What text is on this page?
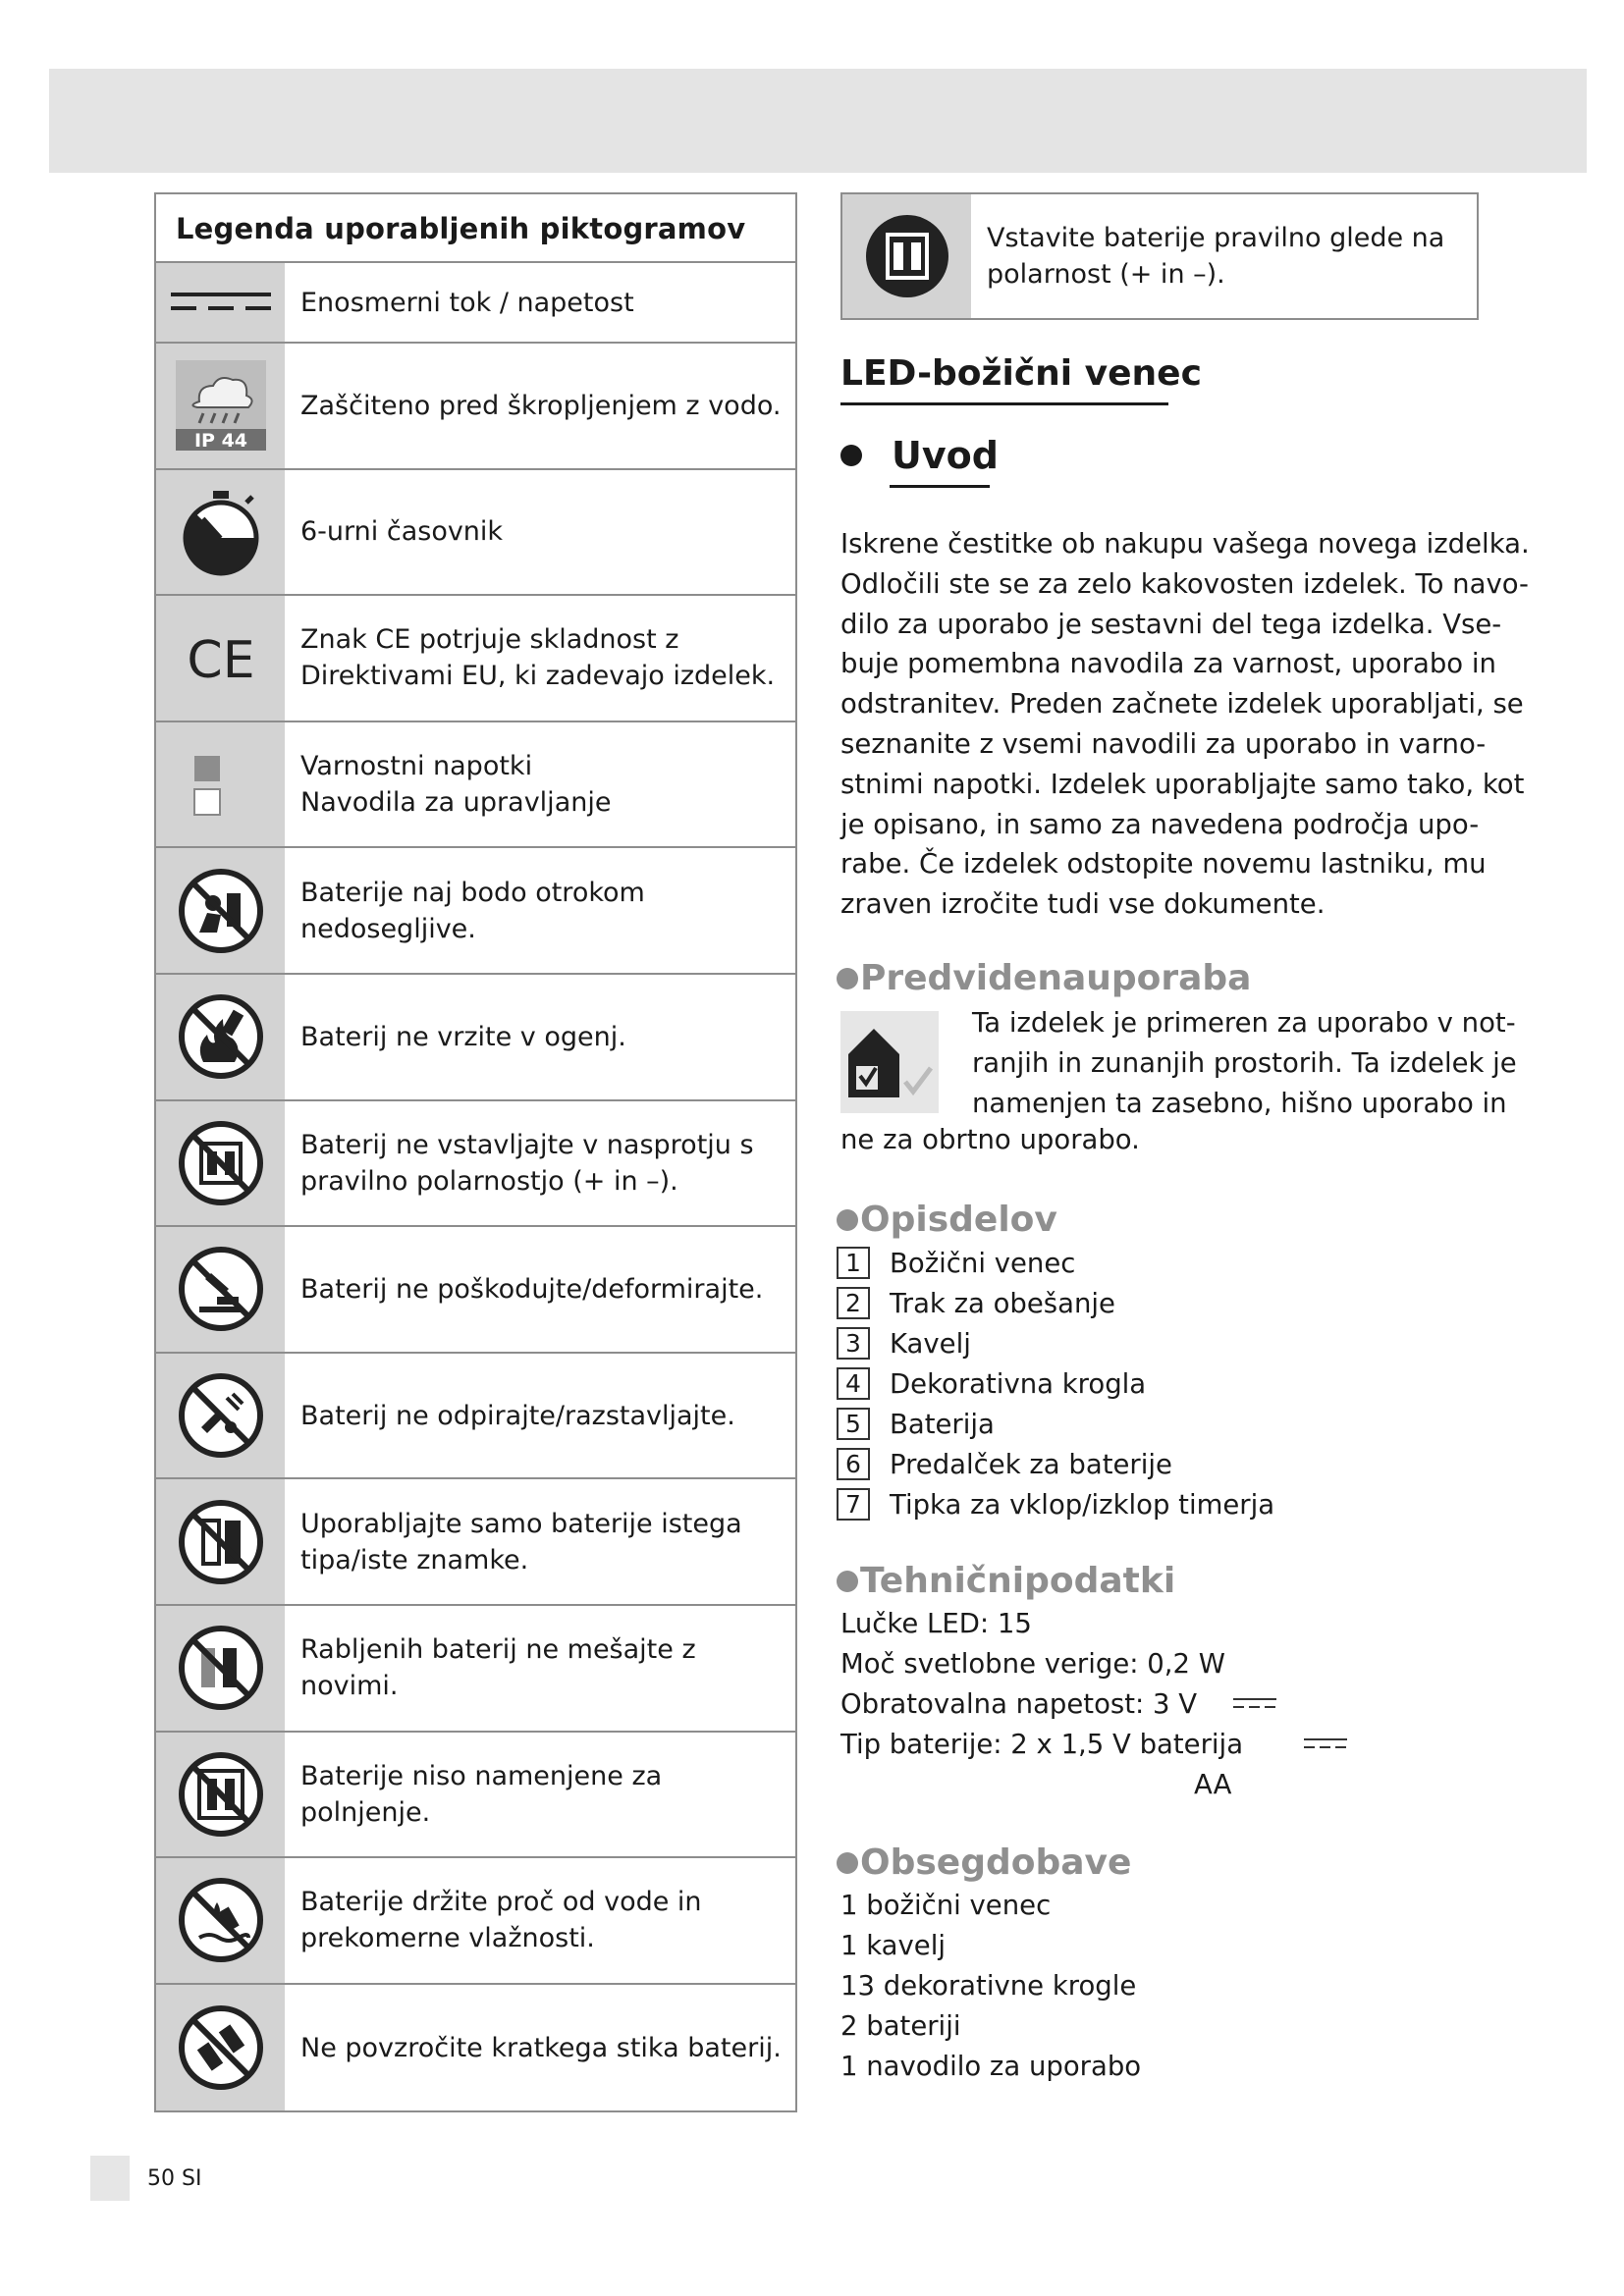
Legenda uporabljenih piktogramov
Enosmerni tok / napetost
IP 44
Zaščiteno pred škropljenjem z vodo.
6-urni časovnik
CE Znak CE potrjuje skladnost z
Direktivami EU, ki zadevajo izdelek.
Varnostni napotki
Navodila za upravljanje
Baterije naj bodo otrokom nedosegljive.
Baterij ne vrzite v ogenj.
Baterij ne vstavljajte v nasprotju s
pravilno polarnostjo (+ in –).
Baterij ne poškodujte/deformirajte.
Baterij ne odpirajte/razstavljajte.
Uporabljajte samo baterije istega
tipa/iste znamke.
Rabljenih baterij ne mešajte z novimi.
Baterije niso namenjene za polnjenje.
Baterije držite proč od vode in
prekomerne vlažnosti.
Ne povzročite kratkega stika baterij.
Vstavite baterije pravilno glede na
polarnost (+ in –).
LED-božični venec
Uvod
Iskrene čestitke ob nakupu vašega novega izdelka.
Odločili ste se za zelo kakovosten izdelek. To navo-
dilo za uporabo je sestavni del tega izdelka. Vse-
buje pomembna navodila za varnost, uporabo in
odstranitev. Preden začnete izdelek uporabljati, se
seznanite z vsemi navodili za uporabo in varno-
stnimi napotki. Izdelek uporabljajte samo tako, kot
je opisano, in samo za navedena področja upo-
rabe. Če izdelek odstopite novemu lastniku, mu
zraven izročite tudi vse dokumente.
Predvidenauporaba
Ta izdelek je primeren za uporabo v not-
ranjih in zunanjih prostorih. Ta izdelek je
namenjen ta zasebno, hišno uporabo in
ne za obrtno uporabo.
Opisdelov
1	Božični venec
2	Trak za obešanje
3	Kavelj
4	Dekorativna krogla
5	Baterija
6	Predalček za baterije
7	Tipka za vklop/izklop timerja
Tehničnipodatki
Lučke LED: 15
Moč svetlobne verige: 0,2 W
Obratovalna napetost: 3 V
Tip baterije: 2 x 1,5 V baterija
AA
Obsegdobave
1 božični venec
1 kavelj
13 dekorativne krogle
2 bateriji
1 navodilo za uporabo
50 SI
